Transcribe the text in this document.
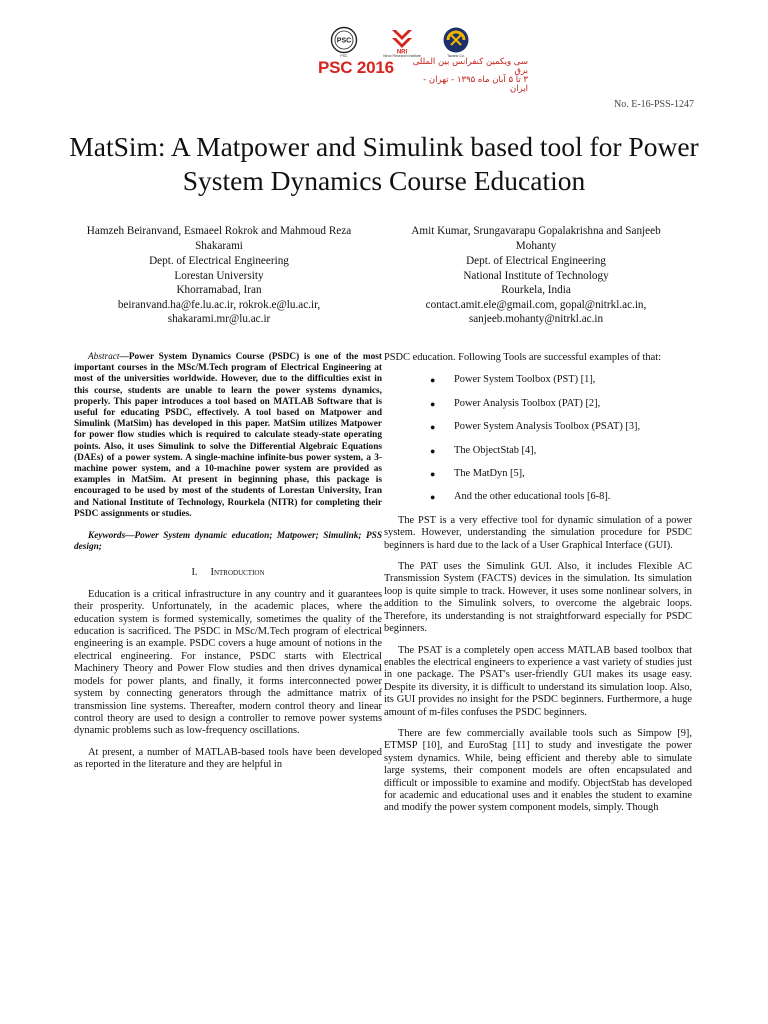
PSC
PSC
NRI
Niroo Research Institute	Tavanir Co.
PSC 2016	سی ویکمین کنفرانس بین المللی برق
۳ تا ۵ آبان ماه ۱۳۹۵ - تهران - ایران
No. E-16-PSS-1247
MatSim: A Matpower and Simulink based tool for Power System Dynamics Course Education
Hamzeh Beiranvand, Esmaeel Rokrok and Mahmoud Reza Shakarami
Dept. of Electrical Engineering
Lorestan University
Khorramabad, Iran
beiranvand.ha@fe.lu.ac.ir, rokrok.e@lu.ac.ir, shakarami.mr@lu.ac.ir
Amit Kumar, Srungavarapu Gopalakrishna and Sanjeeb Mohanty
Dept. of Electrical Engineering
National Institute of Technology
Rourkela, India
contact.amit.ele@gmail.com, gopal@nitrkl.ac.in, sanjeeb.mohanty@nitrkl.ac.in

Abstract—Power System Dynamics Course (PSDC) is one of the most important courses in the MSc/M.Tech program of Electrical Engineering at most of the universities worldwide. However, due to the difficulties exist in this course, students are unable to learn the power systems dynamics, properly. This paper introduces a tool based on MATLAB Software that is useful for educating PSDC, effectively. A tool based on Matpower and Simulink (MatSim) has developed in this paper. MatSim utilizes Matpower for power flow studies which is required to calculate steady-state operating points. Also, it uses Simulink to solve the Differential Algebraic Equations (DAEs) of a power system. A single-machine infinite-bus power system, a 3-machine power system, and a 10-machine power system are provided as examples in MatSim. At present in beginning phase, this package is encouraged to be used by most of the students of Lorestan University, Iran and National Institute of Technology, Rourkela (NITR) for completing their PSDC assignments or studies.

Keywords—Power System dynamic education; Matpower; Simulink; PSS design;

I. Introduction

Education is a critical infrastructure in any country and it guarantees their prosperity. Unfortunately, in the academic places, where the education system is formed systemically, sometimes the quality of the education is sacrificed. The PSDC in MSc/M.Tech program of electrical engineering is an example. PSDC covers a huge amount of notions in the electrical engineering. For instance, PSDC starts with Electrical Machinery Theory and Power Flow studies and then drives dynamical models for power plants, and finally, it forms interconnected power system by connecting generators through the admittance matrix of transmission line systems. Thereafter, modern control theory and linear control theory are used to design a controller to remove power systems dynamic problems such as low-frequency oscillations.

At present, a number of MATLAB-based tools have been developed as reported in the literature and they are helpful in

PSDC education. Following Tools are successful examples of that:

● Power System Toolbox (PST) [1],
● Power Analysis Toolbox (PAT) [2],
● Power System Analysis Toolbox (PSAT) [3],
● The ObjectStab [4],
● The MatDyn [5],
● And the other educational tools [6-8].

The PST is a very effective tool for dynamic simulation of a power system. However, understanding the simulation procedure for PSDC beginners is hard due to the lack of a User Graphical Interface (GUI).

The PAT uses the Simulink GUI. Also, it includes Flexible AC Transmission System (FACTS) devices in the simulation. Its simulation loop is quite simple to track. However, it uses some nonlinear solvers, in addition to the Simulink solvers, to overcome the algebraic loops. Therefore, its understanding is not straightforward especially for PSDC beginners.

The PSAT is a completely open access MATLAB based toolbox that enables the electrical engineers to experience a vast variety of studies just in one package. The PSAT's user-friendly GUI makes its usage easy. Despite its diversity, it is difficult to understand its simulation loop. Also, its GUI provides no insight for the PSDC beginners. Furthermore, a huge amount of m-files confuses the PSDC beginners.

There are few commercially available tools such as Simpow [9], ETMSP [10], and EuroStag [11] to study and investigate the power system dynamics. While, being efficient and thereby able to simulate large systems, their component models are often encapsulated and difficult or impossible to examine and modify. ObjectStab has developed for academic and educational uses and it enables the student to examine and modify the power system component models, simply. Though
